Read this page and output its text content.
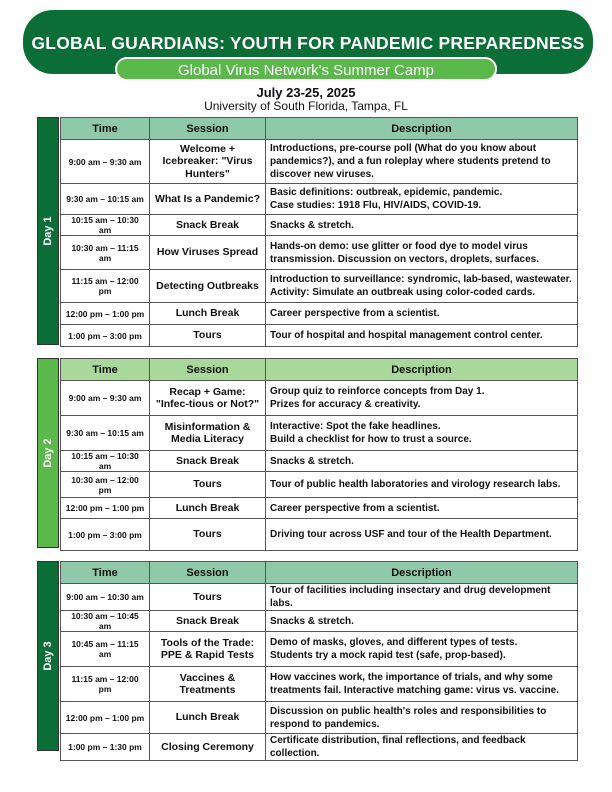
GLOBAL GUARDIANS: YOUTH FOR PANDEMIC PREPAREDNESS
Global Virus Network's Summer Camp
July 23-25, 2025
University of South Florida, Tampa, FL
Day 1
Time	Session	Description
9:00 am – 9:30 am	Welcome + Icebreaker: "Virus Hunters"	Introductions, pre-course poll (What do you know about pandemics?), and a fun roleplay where students pretend to discover new viruses.

9:30 am – 10:15 am	What Is a Pandemic?	Basic definitions: outbreak, epidemic, pandemic.
Case studies: 1918 Flu, HIV/AIDS, COVID-19.

10:15 am – 10:30 am	Snack Break	Snacks & stretch.

10:30 am – 11:15 am	How Viruses Spread	Hands-on demo: use glitter or food dye to model virus transmission. Discussion on vectors, droplets, surfaces.

11:15 am – 12:00 pm	Detecting Outbreaks	Introduction to surveillance: syndromic, lab-based, wastewater.
Activity: Simulate an outbreak using color-coded cards.

12:00 pm – 1:00 pm	Lunch Break	Career perspective from a scientist.

1:00 pm – 3:00 pm	Tours	Tour of hospital and hospital management control center.
Day 2
Time	Session	Description
9:00 am – 9:30 am	Recap + Game: "Infec-tious or Not?"	Group quiz to reinforce concepts from Day 1.
Prizes for accuracy & creativity.

9:30 am – 10:15 am	Misinformation & Media Literacy	Interactive: Spot the fake headlines.
Build a checklist for how to trust a source.

10:15 am – 10:30 am	Snack Break	Snacks & stretch.

10:30 am – 12:00 pm	Tours	Tour of public health laboratories and virology research labs.

12:00 pm – 1:00 pm	Lunch Break	Career perspective from a scientist.

1:00 pm – 3:00 pm	Tours	Driving tour across USF and tour of the Health Department.
Day 3
Time	Session	Description
9:00 am – 10:30 am	Tours	Tour of facilities including insectary and drug development labs.

10:30 am – 10:45 am	Snack Break	Snacks & stretch.

10:45 am – 11:15 am	Tools of the Trade: PPE & Rapid Tests	Demo of masks, gloves, and different types of tests.
Students try a mock rapid test (safe, prop-based).

11:15 am – 12:00 pm	Vaccines & Treatments	How vaccines work, the importance of trials, and why some treatments fail. Interactive matching game: virus vs. vaccine.

12:00 pm – 1:00 pm	Lunch Break	Discussion on public health's roles and responsibilities to respond to pandemics.

1:00 pm – 1:30 pm	Closing Ceremony	Certificate distribution, final reflections, and feedback collection.
